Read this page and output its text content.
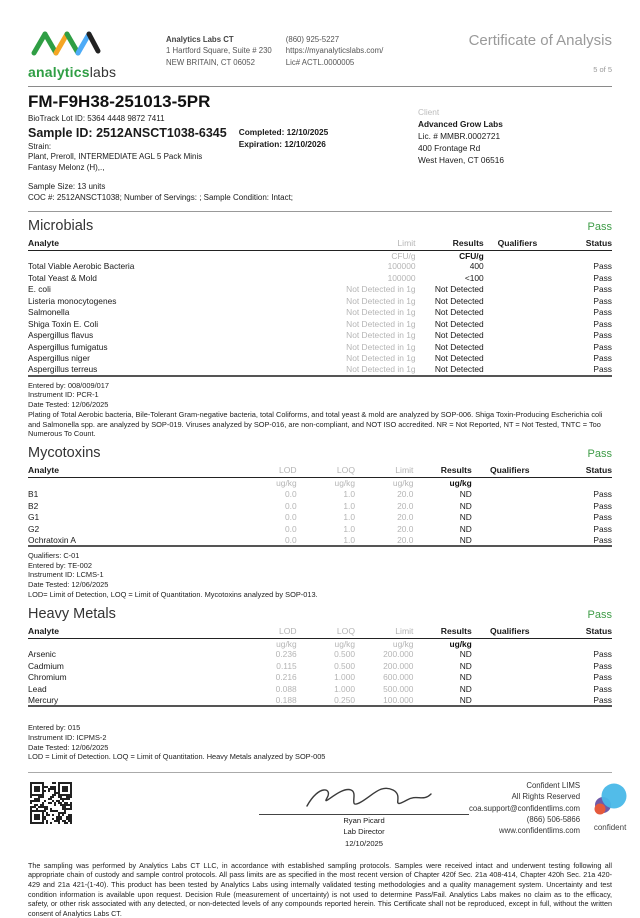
analyticslabs
Analytics Labs CT
1 Hartford Square, Suite # 230
NEW BRITAIN, CT 06052
(860) 925-5227
https://myanalyticslabs.com/
Lic# ACTL.0000005
Certificate of Analysis
5 of 5
FM-F9H38-251013-5PR
BioTrack Lot ID: 5364 4448 9872 7411
Sample ID: 2512ANSCT1038-6345 Completed: 12/10/2025
Expiration: 12/10/2026
Strain:
Plant, Preroll, INTERMEDIATE AGL 5 Pack Minis
Fantasy Melonz (H),.,
Sample Size: 13 units
COC #: 2512ANSCT1038; Number of Servings: ; Sample Condition: Intact;
Client
Advanced Grow Labs
Lic. # MMBR.0002721
400 Frontage Rd
West Haven, CT 06516
Microbials	Pass
Analyte	Limit	Results	Qualifiers	Status
	CFU/g	CFU/g		
Total Viable Aerobic Bacteria	100000	400		Pass
Total Yeast & Mold	100000	<100		Pass
E. coli	Not Detected in 1g	Not Detected		Pass
Listeria monocytogenes	Not Detected in 1g	Not Detected		Pass
Salmonella	Not Detected in 1g	Not Detected		Pass
Shiga Toxin E. Coli	Not Detected in 1g	Not Detected		Pass
Aspergillus flavus	Not Detected in 1g	Not Detected		Pass
Aspergillus fumigatus	Not Detected in 1g	Not Detected		Pass
Aspergillus niger	Not Detected in 1g	Not Detected		Pass
Aspergillus terreus	Not Detected in 1g	Not Detected		Pass
Entered by: 008/009/017
Instrument ID: PCR-1
Date Tested: 12/06/2025
Plating of Total Aerobic bacteria, Bile-Tolerant Gram-negative bacteria, total Coliforms, and total yeast & mold are analyzed by SOP-006. Shiga Toxin-Producing Escherichia coli and Salmonella spp. are analyzed by SOP-019. Viruses analyzed by SOP-016, are non-compliant, and NOT ISO accredited. NR = Not Reported, NT = Not Tested, TNTC = Too Numerous To Count.
Mycotoxins	Pass
Analyte	LOD	LOQ	Limit	Results	Qualifiers	Status
	ug/kg	ug/kg	ug/kg	ug/kg		
B1	0.0	1.0	20.0	ND		Pass
B2	0.0	1.0	20.0	ND		Pass
G1	0.0	1.0	20.0	ND		Pass
G2	0.0	1.0	20.0	ND		Pass
Ochratoxin A	0.0	1.0	20.0	ND		Pass
Qualifiers: C-01
Entered by: TE-002
Instrument ID: LCMS-1
Date Tested: 12/06/2025
LOD= Limit of Detection, LOQ = Limit of Quantitation. Mycotoxins analyzed by SOP-013.
Heavy Metals	Pass
Analyte	LOD	LOQ	Limit	Results	Qualifiers	Status
	ug/kg	ug/kg	ug/kg	ug/kg		
Arsenic	0.236	0.500	200.000	ND		Pass
Cadmium	0.115	0.500	200.000	ND		Pass
Chromium	0.216	1.000	600.000	ND		Pass
Lead	0.088	1.000	500.000	ND		Pass
Mercury	0.188	0.250	100.000	ND		Pass
Entered by: 015
Instrument ID: ICPMS-2
Date Tested: 12/06/2025
LOD = Limit of Detection. LOQ = Limit of Quantitation. Heavy Metals analyzed by SOP-005
Ryan Picard
Lab Director
12/10/2025
Confident LIMS
All Rights Reserved
coa.support@confidentlims.com
(866) 506-5866
www.confidentlims.com	confident
The sampling was performed by Analytics Labs CT LLC, in accordance with established sampling protocols. Samples were received intact and underwent testing following all appropriate chain of custody and sample control protocols. All pass limits are as specified in the most recent version of Chapter 420f Sec. 21a 408-414, Chapter 420h Sec. 21a 420-429 and 21a 421-(1-40). This product has been tested by Analytics Labs using internally validated testing methodologies and a quality management system. Uncertainty and test condition information is available upon request. Decision Rule (measurement of uncertainty) is not used to determine Pass/Fail. Analytics Labs makes no claim as to the efficacy, safety, or other risk associated with any detected, or non-detected levels of any compounds reported herein. This Certificate shall not be reproduced, except in full, without the written consent of Analytics Labs CT.
